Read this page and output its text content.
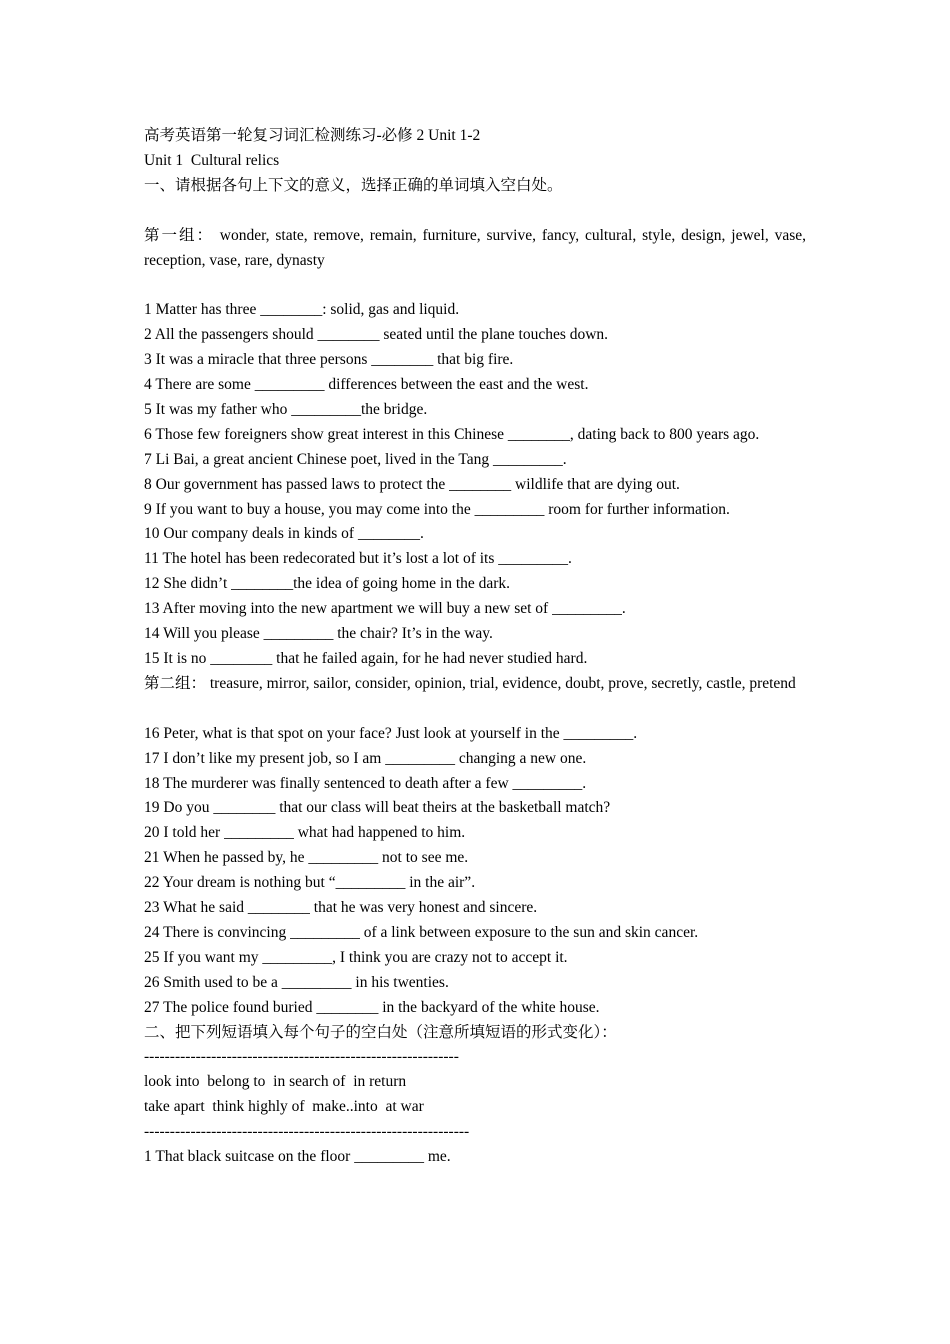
高考英语第一轮复习词汇检测练习-必修 2 Unit 1-2
Unit 1  Cultural relics
一、请根据各句上下文的意义，选择正确的单词填入空白处。
第一组： wonder, state, remove, remain, furniture, survive, fancy, cultural, style, design, jewel, vase, reception, vase, rare, dynasty
1 Matter has three ________: solid, gas and liquid.
2 All the passengers should ________ seated until the plane touches down.
3 It was a miracle that three persons ________ that big fire.
4 There are some _________ differences between the east and the west.
5 It was my father who _________the bridge.
6 Those few foreigners show great interest in this Chinese ________, dating back to 800 years ago.
7 Li Bai, a great ancient Chinese poet, lived in the Tang _________.
8 Our government has passed laws to protect the ________ wildlife that are dying out.
9 If you want to buy a house, you may come into the _________ room for further information.
10 Our company deals in kinds of ________.
11 The hotel has been redecorated but it’s lost a lot of its _________.
12 She didn’t ________the idea of going home in the dark.
13 After moving into the new apartment we will buy a new set of _________.
14 Will you please _________ the chair? It’s in the way.
15 It is no ________ that he failed again, for he had never studied hard.
第二组： treasure, mirror, sailor, consider, opinion, trial, evidence, doubt, prove, secretly, castle, pretend
16 Peter, what is that spot on your face? Just look at yourself in the _________.
17 I don’t like my present job, so I am _________ changing a new one.
18 The murderer was finally sentenced to death after a few _________.
19 Do you ________ that our class will beat theirs at the basketball match?
20 I told her _________ what had happened to him.
21 When he passed by, he _________ not to see me.
22 Your dream is nothing but “_________ in the air”.
23 What he said ________ that he was very honest and sincere.
24 There is convincing _________ of a link between exposure to the sun and skin cancer.
25 If you want my _________, I think you are crazy not to accept it.
26 Smith used to be a _________ in his twenties.
27 The police found buried ________ in the backyard of the white house.
二、把下列短语填入每个句子的空白处（注意所填短语的形式变化）：
-------------------------------------------------------------
look into  belong to  in search of  in return
take apart  think highly of  make..into  at war
---------------------------------------------------------------
1 That black suitcase on the floor _________ me.
